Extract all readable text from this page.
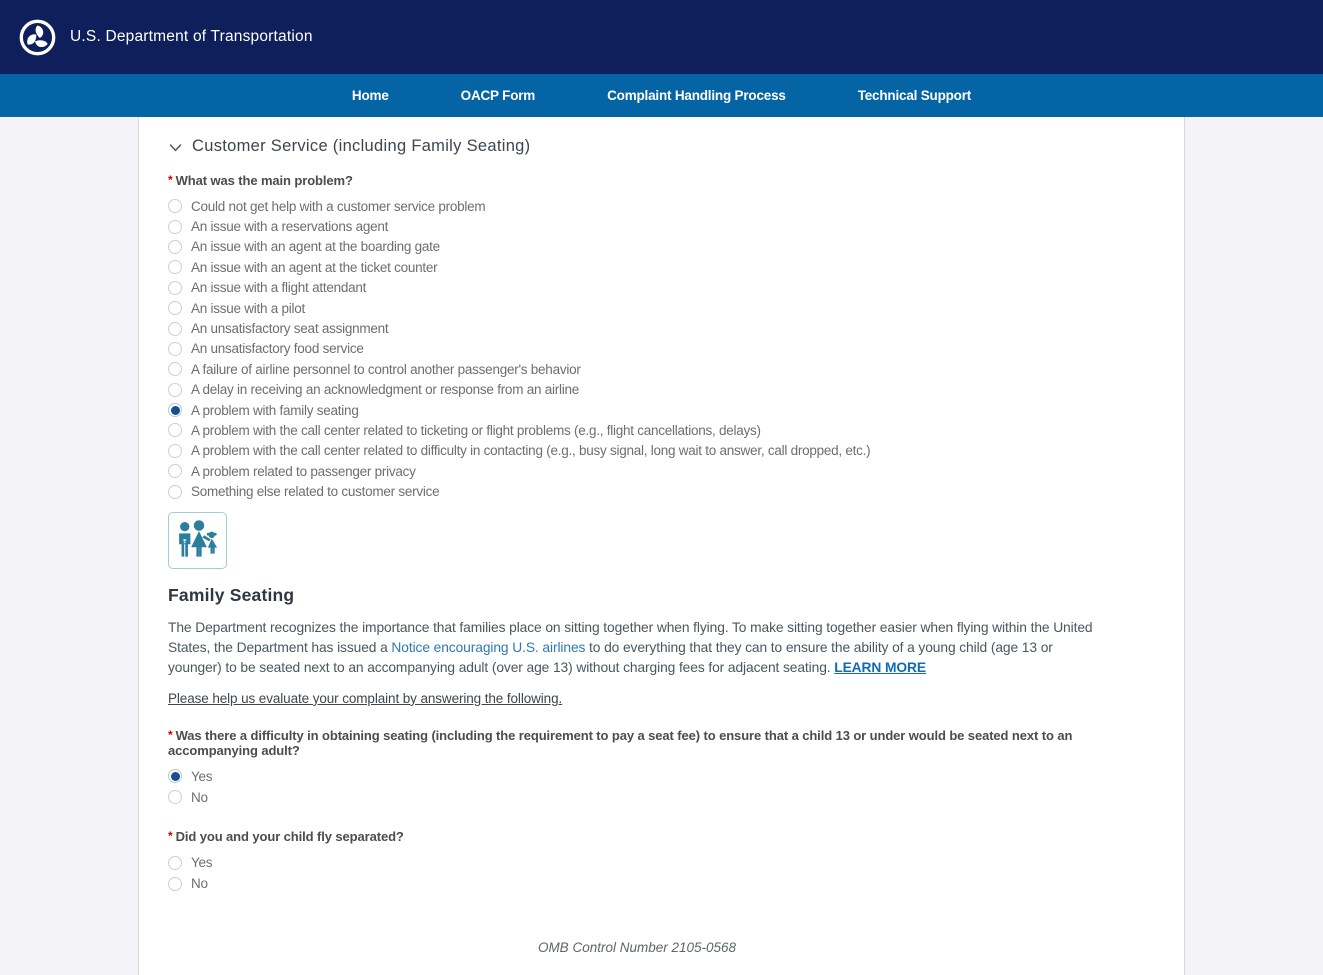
U.S. Department of Transportation
Home	OACP Form	Complaint Handling Process	Technical Support
Customer Service (including Family Seating)
* What was the main problem?
Could not get help with a customer service problem
An issue with a reservations agent
An issue with an agent at the boarding gate
An issue with an agent at the ticket counter
An issue with a flight attendant
An issue with a pilot
An unsatisfactory seat assignment
An unsatisfactory food service
A failure of airline personnel to control another passenger's behavior
A delay in receiving an acknowledgment or response from an airline
A problem with family seating
A problem with the call center related to ticketing or flight problems (e.g., flight cancellations, delays)
A problem with the call center related to difficulty in contacting (e.g., busy signal, long wait to answer, call dropped, etc.)
A problem related to passenger privacy
Something else related to customer service
Family Seating
The Department recognizes the importance that families place on sitting together when flying. To make sitting together easier when flying within the United States, the Department has issued a Notice encouraging U.S. airlines to do everything that they can to ensure the ability of a young child (age 13 or younger) to be seated next to an accompanying adult (over age 13) without charging fees for adjacent seating. LEARN MORE
Please help us evaluate your complaint by answering the following.
* Was there a difficulty in obtaining seating (including the requirement to pay a seat fee) to ensure that a child 13 or under would be seated next to an accompanying adult?
Yes
No
* Did you and your child fly separated?
Yes
No
OMB Control Number 2105-0568
